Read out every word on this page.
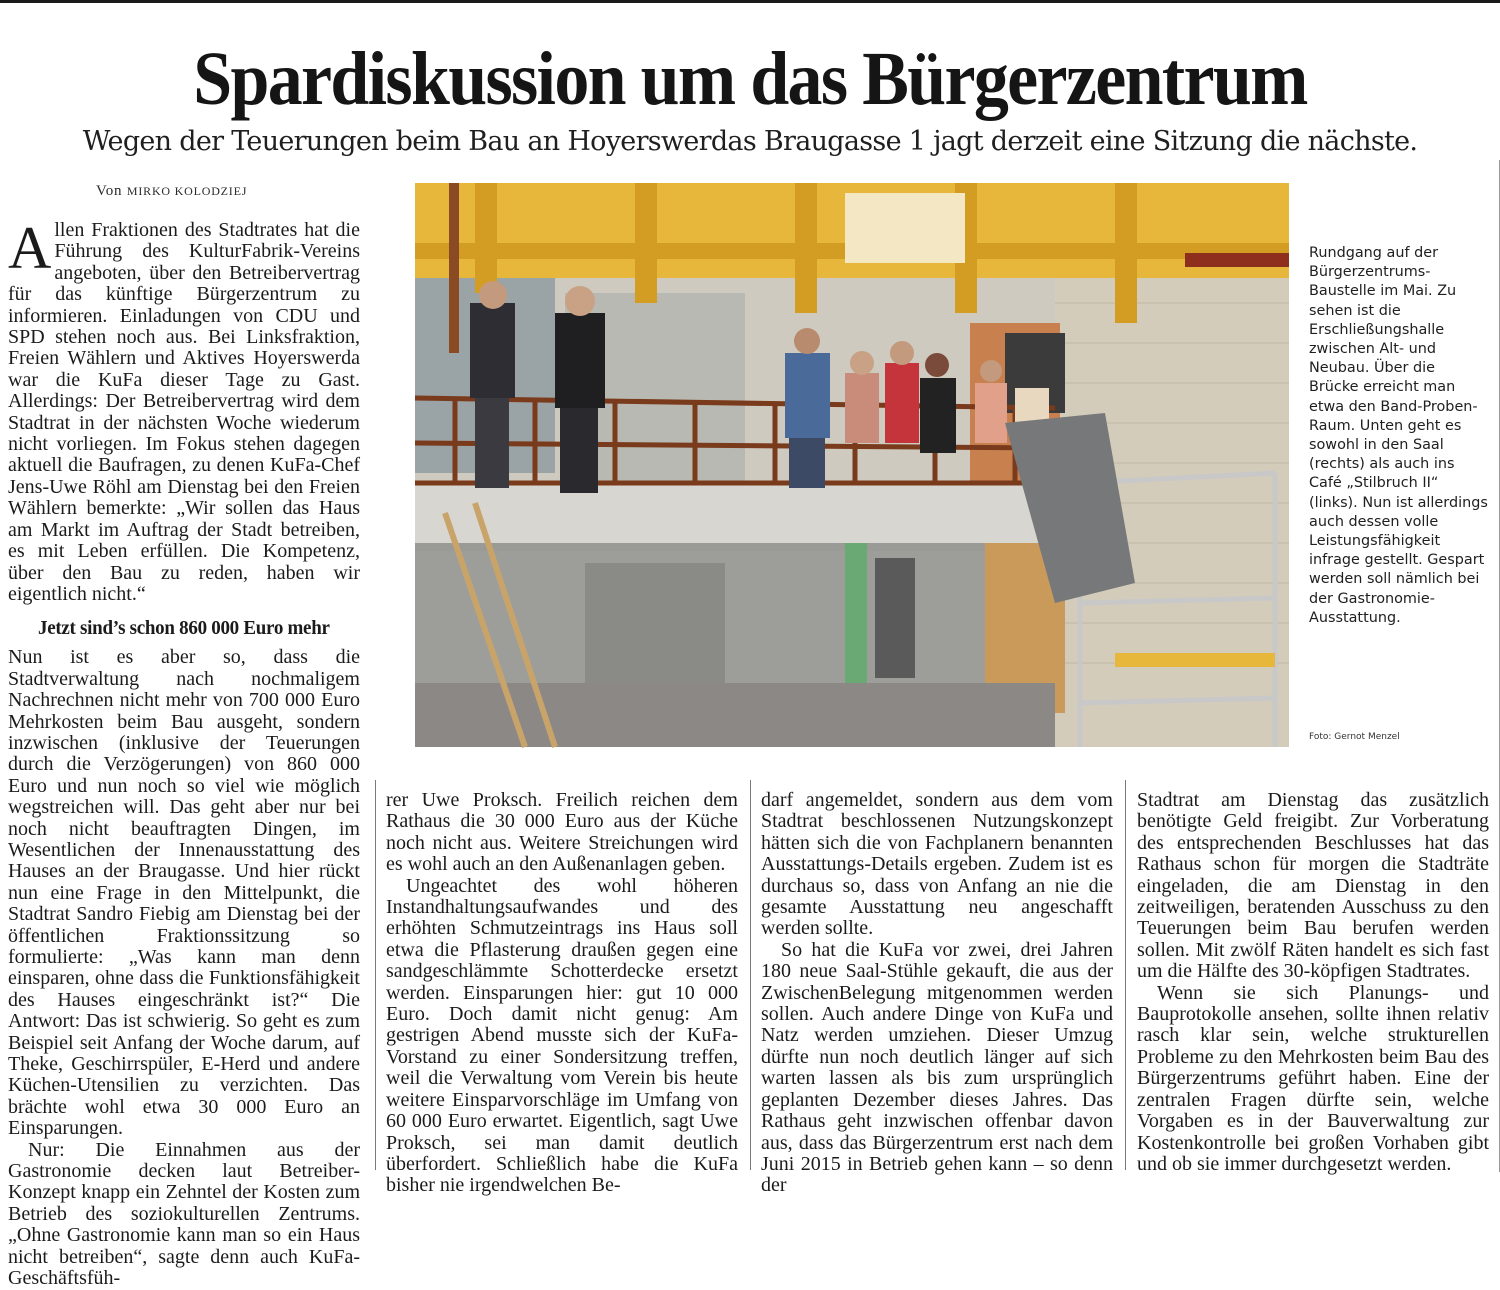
Spardiskussion um das Bürgerzentrum
Wegen der Teuerungen beim Bau an Hoyerswerdas Braugasse 1 jagt derzeit eine Sitzung die nächste.
Von MIRKO KOLODZIEJ

Allen Fraktionen des Stadtrates hat die Führung des KulturFabrik-Vereins angeboten, über den Betreibervertrag für das künftige Bürgerzentrum zu informieren. Einladungen von CDU und SPD stehen noch aus. Bei Linksfraktion, Freien Wählern und Aktives Hoyerswerda war die KuFa dieser Tage zu Gast. Allerdings: Der Betreibervertrag wird dem Stadtrat in der nächsten Woche wiederum nicht vorliegen. Im Fokus stehen dagegen aktuell die Baufragen, zu denen KuFa-Chef Jens-Uwe Röhl am Dienstag bei den Freien Wählern bemerkte: „Wir sollen das Haus am Markt im Auftrag der Stadt betreiben, es mit Leben erfüllen. Die Kompetenz, über den Bau zu reden, haben wir eigentlich nicht.“

Jetzt sind’s schon 860 000 Euro mehr

Nun ist es aber so, dass die Stadtverwaltung nach nochmaligem Nachrechnen nicht mehr von 700 000 Euro Mehrkosten beim Bau ausgeht, sondern inzwischen (inklusive der Teuerungen durch die Verzögerungen) von 860 000 Euro und nun noch so viel wie möglich wegstreichen will. Das geht aber nur bei noch nicht beauftragten Dingen, im Wesentlichen der Innenausstattung des Hauses an der Braugasse. Und hier rückt nun eine Frage in den Mittelpunkt, die Stadtrat Sandro Fiebig am Dienstag bei der öffentlichen Fraktionssitzung so formulierte: „Was kann man denn einsparen, ohne dass die Funktionsfähigkeit des Hauses eingeschränkt ist?“ Die Antwort: Das ist schwierig. So geht es zum Beispiel seit Anfang der Woche darum, auf Theke, Geschirrspüler, E-Herd und andere Küchen-Utensilien zu verzichten. Das brächte wohl etwa 30 000 Euro an Einsparungen.

Nur: Die Einnahmen aus der Gastronomie decken laut Betreiber-Konzept knapp ein Zehntel der Kosten zum Betrieb des soziokulturellen Zentrums. „Ohne Gastronomie kann man so ein Haus nicht betreiben“, sagte denn auch KuFa-Geschäftsfüh-

Rundgang auf der Bürgerzentrums-Baustelle im Mai. Zu sehen ist die Erschließungshalle zwischen Alt- und Neubau. Über die Brücke erreicht man etwa den Band-Proben-Raum. Unten geht es sowohl in den Saal (rechts) als auch ins Café „Stilbruch II“ (links). Nun ist allerdings auch dessen volle Leistungsfähigkeit infrage gestellt. Gespart werden soll nämlich bei der Gastronomie-Ausstattung.
Foto: Gernot Menzel

rer Uwe Proksch. Freilich reichen dem Rathaus die 30 000 Euro aus der Küche noch nicht aus. Weitere Streichungen wird es wohl auch an den Außenanlagen geben.

Ungeachtet des wohl höheren Instandhaltungsaufwandes und des erhöhten Schmutzeintrags ins Haus soll etwa die Pflasterung draußen gegen eine sandgeschlämmte Schotterdecke ersetzt werden. Einsparungen hier: gut 10 000 Euro. Doch damit nicht genug: Am gestrigen Abend musste sich der KuFa-Vorstand zu einer Sondersitzung treffen, weil die Verwaltung vom Verein bis heute weitere Einsparvorschläge im Umfang von 60 000 Euro erwartet. Eigentlich, sagt Uwe Proksch, sei man damit deutlich überfordert. Schließlich habe die KuFa bisher nie irgendwelchen Be-

darf angemeldet, sondern aus dem vom Stadtrat beschlossenen Nutzungskonzept hätten sich die von Fachplanern benannten Ausstattungs-Details ergeben. Zudem ist es durchaus so, dass von Anfang an nie die gesamte Ausstattung neu angeschafft werden sollte.

So hat die KuFa vor zwei, drei Jahren 180 neue Saal-Stühle gekauft, die aus der ZwischenBelegung mitgenommen werden sollen. Auch andere Dinge von KuFa und Natz werden umziehen. Dieser Umzug dürfte nun noch deutlich länger auf sich warten lassen als bis zum ursprünglich geplanten Dezember dieses Jahres. Das Rathaus geht inzwischen offenbar davon aus, dass das Bürgerzentrum erst nach dem Juni 2015 in Betrieb gehen kann – so denn der

Stadtrat am Dienstag das zusätzlich benötigte Geld freigibt. Zur Vorberatung des entsprechenden Beschlusses hat das Rathaus schon für morgen die Stadträte eingeladen, die am Dienstag in den zeitweiligen, beratenden Ausschuss zu den Teuerungen beim Bau berufen werden sollen. Mit zwölf Räten handelt es sich fast um die Hälfte des 30-köpfigen Stadtrates.

Wenn sie sich Planungs- und Bauprotokolle ansehen, sollte ihnen relativ rasch klar sein, welche strukturellen Probleme zu den Mehrkosten beim Bau des Bürgerzentrums geführt haben. Eine der zentralen Fragen dürfte sein, welche Vorgaben es in der Bauverwaltung zur Kostenkontrolle bei großen Vorhaben gibt und ob sie immer durchgesetzt werden.
